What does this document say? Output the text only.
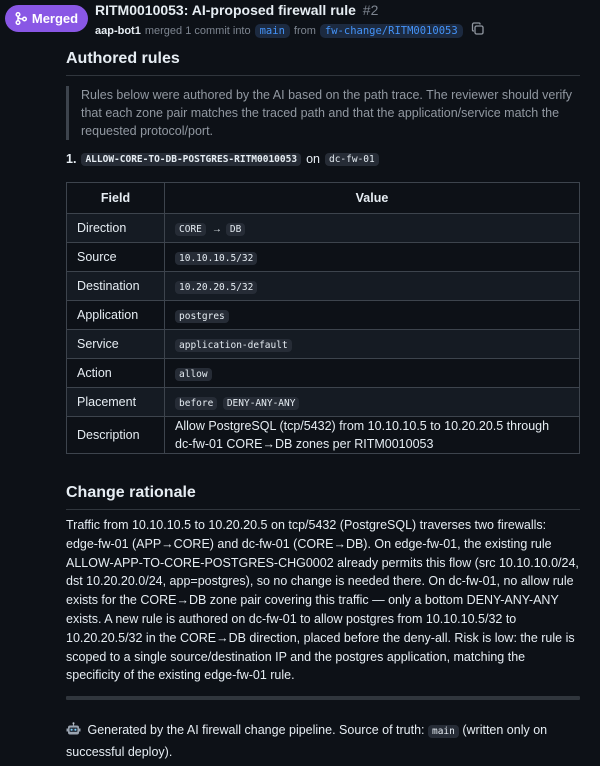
Merged
RITM0010053: AI-proposed firewall rule #2
aap-bot1 merged 1 commit into main from fw-change/RITM0010053
Authored rules
Rules below were authored by the AI based on the path trace. The reviewer should verify that each zone pair matches the traced path and that the application/service match the requested protocol/port.
1. ALLOW-CORE-TO-DB-POSTGRES-RITM0010053 on dc-fw-01
Field	Value
Direction	CORE → DB
Source	10.10.10.5/32
Destination	10.20.20.5/32
Application	postgres
Service	application-default
Action	allow
Placement	before DENY-ANY-ANY
Description	Allow PostgreSQL (tcp/5432) from 10.10.10.5 to 10.20.20.5 through dc-fw-01 CORE→DB zones per RITM0010053
Change rationale
Traffic from 10.10.10.5 to 10.20.20.5 on tcp/5432 (PostgreSQL) traverses two firewalls: edge-fw-01 (APP→CORE) and dc-fw-01 (CORE→DB). On edge-fw-01, the existing rule ALLOW-APP-TO-CORE-POSTGRES-CHG0002 already permits this flow (src 10.10.10.0/24, dst 10.20.20.0/24, app=postgres), so no change is needed there. On dc-fw-01, no allow rule exists for the CORE→DB zone pair covering this traffic — only a bottom DENY-ANY-ANY exists. A new rule is authored on dc-fw-01 to allow postgres from 10.10.10.5/32 to 10.20.20.5/32 in the CORE→DB direction, placed before the deny-all. Risk is low: the rule is scoped to a single source/destination IP and the postgres application, matching the specificity of the existing edge-fw-01 rule.
Generated by the AI firewall change pipeline. Source of truth: main (written only on successful deploy).
